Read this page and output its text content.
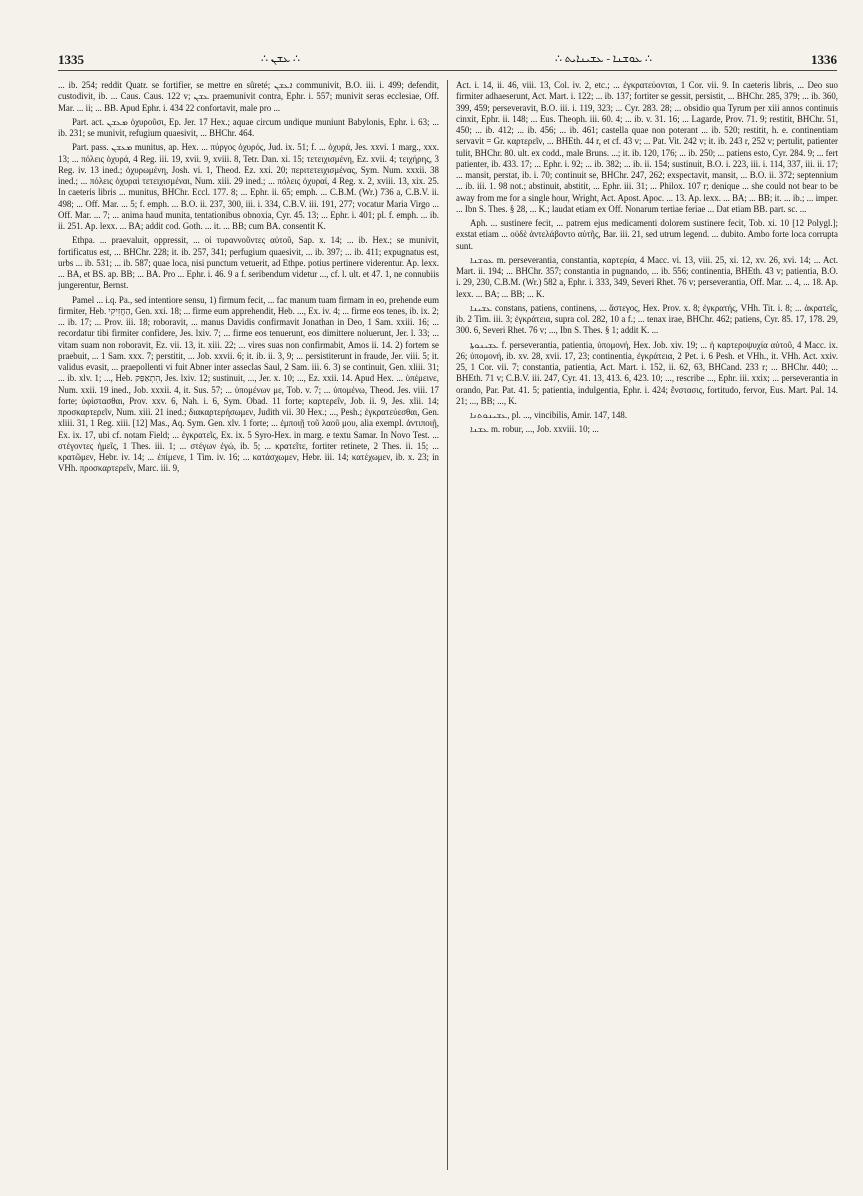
1335	∴ ܥܫܢ ∴	∴ ܥܘܫܢܐ - ܥܫܝܢܐܝܬ ∴	1336

... ib. 254; reddit Quatr. se fortifier, se mettre en sûreté; ܐܥܫܢ communivit, B.O. iii. i. 499; defendit, custodivit, ib. ... Caus. Caus. 122 v; ܥܫܢ praemunivit contra, Ephr. i. 557; munivit seras ecclesiae, Off. Mar. ... ii; ... BB. Apud Ephr. i. 434 22 confortavit, male pro ...

Part. act. ܡܥܫܢ ὀχυροῦσι, Ep. Jer. 17 Hex.; aquae circum undique muniunt Babylonis, Ephr. i. 63; ... ib. 231; se munivit, refugium quaesivit, ... BHChr. 464.

Part. pass. ܡܥܫܢ munitus, ap. Hex. ... πύργος ὀχυρός, Jud. ix. 51; f. ... ὀχυρά, Jes. xxvi. 1 marg., xxx. 13; ... πόλεις ὀχυρά, 4 Reg. iii. 19, xvii. 9, xviii. 8, Tetr. Dan. xi. 15; τετειχισμένη, Ez. xvii. 4; τειχήρης, 3 Reg. iv. 13 ined.; ὀχυρωμένη, Josh. vi. 1, Theod. Ez. xxi. 20; περιτετειχισμένας, Sym. Num. xxxii. 38 ined.; ... πόλεις ὀχυραὶ τετειχισμέναι, Num. xiii. 29 ined.; ... πόλεις ὀχυραί, 4 Reg. x. 2, xviii. 13, xix. 25. In caeteris libris ... munitus, BHChr. Eccl. 177. 8; ... Ephr. ii. 65; emph. ... C.B.M. (Wr.) 736 a, C.B.V. ii. 498; ... Off. Mar. ... 5; f. emph. ... B.O. ii. 237, 300, iii. i. 334, C.B.V. iii. 191, 277; vocatur Maria Virgo ... Off. Mar. ... 7; ... anima haud munita, tentationibus obnoxia, Cyr. 45. 13; ... Ephr. i. 401; pl. f. emph. ... ib. ii. 251. Ap. lexx. ... BA; addit cod. Goth. ... it. ... BB; cum BA. consentit K.

Ethpa. ... praevaluit, oppressit, ... οἱ τυραννοῦντες αὐτοῦ, Sap. x. 14; ... ib. Hex.; se munivit, fortificatus est, ... BHChr. 228; it. ib. 257, 341; perfugium quaesivit, ... ib. 397; ... ib. 411; expugnatus est, urbs ... ib. 531; ... ib. 587; quae loca, nisi punctum vetuerit, ad Ethpe. potius pertinere viderentur. Ap. lexx. ... BA, et BS. ap. BB; ... BA. Pro ... Ephr. i. 46. 9 a f. seribendum videtur ..., cf. l. ult. et 47. 1, ne connubiis jungerentur, Bernst.

Pamel ... i.q. Pa., sed intentiore sensu, 1) firmum fecit, ... fac manum tuam firmam in eo, prehende eum firmiter, Heb. הַחֲזִיקִי, Gen. xxi. 18; ... firme eum apprehendit, Heb. ..., Ex. iv. 4; ... firme eos tenes, ib. ix. 2; ... ib. 17; ... Prov. iii. 18; roboravit, ... manus Davidis confirmavit Jonathan in Deo, 1 Sam. xxiii. 16; ... recordatur tibi firmiter confidere, Jes. lxiv. 7; ... firme eos tenuerunt, eos dimittere noluerunt, Jer. l. 33; ... vitam suam non roboravit, Ez. vii. 13, it. xiii. 22; ... vires suas non confirmabit, Amos ii. 14. 2) fortem se praebuit, ... 1 Sam. xxx. 7; perstitit, ... Job. xxvii. 6; it. ib. ii. 3, 9; ... persistiterunt in fraude, Jer. viii. 5; it. validus evasit, ... praepollenti vi fuit Abner inter asseclas Saul, 2 Sam. iii. 6. 3) se continuit, Gen. xliii. 31; ... ib. xlv. 1; ..., Heb. הִתְאַפַּק, Jes. lxiv. 12; sustinuit, ..., Jer. x. 10; ..., Ez. xxii. 14. Apud Hex. ... ὑπέμεινε, Num. xxii. 19 ined., Job. xxxii. 4, it. Sus. 57; ... ὑπομένων με, Tob. v. 7; ... ὑπομένω, Theod. Jes. viii. 17 forte; ὑφίστασθαι, Prov. xxv. 6, Nah. i. 6, Sym. Obad. 11 forte; καρτερεῖν, Job. ii. 9, Jes. xlii. 14; προσκαρτερεῖν, Num. xiii. 21 ined.; διακαρτερήσωμεν, Judith vii. 30 Hex.; ..., Pesh.; ἐγκρατεύεσθαι, Gen. xliii. 31, 1 Reg. xiii. [12] Mas., Aq. Sym. Gen. xlv. 1 forte; ... ἐμποιῇ τοῦ λαοῦ μου, alia exempl. ἀντιποιῇ, Ex. ix. 17, ubi cf. notam Field; ... ἐγκρατεῖς, Ex. ix. 5 Syro-Hex. in marg. e textu Samar. In Novo Test. ... στέγοντες ἡμεῖς, 1 Thes. iii. 1; ... στέγων ἐγώ, ib. 5; ... κρατεῖτε, fortiter retinete, 2 Thes. ii. 15; ... κρατῶμεν, Hebr. iv. 14; ... ἐπίμενε, 1 Tim. iv. 16; ... κατάσχωμεν, Hebr. iii. 14; κατέχωμεν, ib. x. 23; in VHh. προσκαρτερεῖν, Marc. iii. 9,

Act. i. 14, ii. 46, viii. 13, Col. iv. 2, etc.; ... ἐγκρατεύονται, 1 Cor. vii. 9. In caeteris libris, ... Deo suo firmiter adhaeserunt, Act. Mart. i. 122; ... ib. 137; fortiter se gessit, persistit, ... BHChr. 285, 379; ... ib. 360, 399, 459; perseveravit, B.O. iii. i. 119, 323; ... Cyr. 283. 28; ... obsidio qua Tyrum per xiii annos continuis cinxit, Ephr. ii. 148; ... Eus. Theoph. iii. 60. 4; ... ib. v. 31. 16; ... Lagarde, Prov. 71. 9; restitit, BHChr. 51, 450; ... ib. 412; ... ib. 456; ... ib. 461; castella quae non poterant ... ib. 520; restitit, h. e. continentiam servavit = Gr. καρτερεῖν, ... BHEth. 44 r, et cf. 43 v; ... Pat. Vit. 242 v; it. ib. 243 r, 252 v; pertulit, patienter tulit, BHChr. 80. ult. ex codd., male Bruns. ...; it. ib. 120, 176; ... ib. 250; ... patiens esto, Cyr. 284. 9; ... fert patienter, ib. 433. 17; ... Ephr. i. 92; ... ib. 382; ... ib. ii. 154; sustinuit, B.O. i. 223, iii. i. 114, 337, iii. ii. 17; ... mansit, perstat, ib. i. 70; continuit se, BHChr. 247, 262; exspectavit, mansit, ... B.O. ii. 372; septennium ... ib. iii. 1. 98 not.; abstinuit, abstitit, ... Ephr. iii. 31; ... Philox. 107 r; denique ... she could not bear to be away from me for a single hour, Wright, Act. Apost. Apoc. ... 13. Ap. lexx. ... BA; ... BB; it. ... ib.; ... imper. ... Ibn S. Thes. § 28, ... K.; laudat etiam ex Off. Nonarum tertiae feriae ... Dat etiam BB. part. sc. ...

Aph. ... sustinere fecit, ... patrem ejus medicamenti dolorem sustinere fecit, Tob. xi. 10 [12 Polygl.]; exstat etiam ... οὐδὲ ἀντελάβοντο αὐτῆς, Bar. iii. 21, sed utrum legend. ... dubito. Ambo forte loca corrupta sunt.

ܥܘܫܢܐ m. perseverantia, constantia, καρτερία, 4 Macc. vi. 13, viii. 25, xi. 12, xv. 26, xvi. 14; ... Act. Mart. ii. 194; ... BHChr. 357; constantia in pugnando, ... ib. 556; continentia, BHEth. 43 v; patientia, B.O. i. 29, 230, C.B.M. (Wr.) 582 a, Ephr. i. 333, 349, Severi Rhet. 76 v; perseverantia, Off. Mar. ... 4, ... 18. Ap. lexx. ... BA; ... BB; ... K.

ܥܫܝܢܐ constans, patiens, continens, ... ἄστεγος, Hex. Prov. x. 8; ἐγκρατής, VHh. Tit. i. 8; ... ἀκρατεῖς, ib. 2 Tim. iii. 3; ἐγκράτεια, supra col. 282, 10 a f.; ... tenax irae, BHChr. 462; patiens, Cyr. 85. 17, 178. 29, 300. 6, Severi Rhet. 76 v; ..., Ibn S. Thes. § 1; addit K. ...

ܥܫܝܢܘܬܐ f. perseverantia, patientia, ὑπομονή, Hex. Job. xiv. 19; ... ἡ καρτεροψυχία αὐτοῦ, 4 Macc. ix. 26; ὑπομονή, ib. xv. 28, xvii. 17, 23; continentia, ἐγκράτεια, 2 Pet. i. 6 Pesh. et VHh., it. VHh. Act. xxiv. 25, 1 Cor. vii. 7; constantia, patientia, Act. Mart. i. 152, ii. 62, 63, BHCand. 233 r; ... BHChr. 440; ... BHEth. 71 v; C.B.V. iii. 247, Cyr. 41. 13, 413. 6, 423. 10; ..., rescribe ..., Ephr. iii. xxix; ... perseverantia in orando, Par. Pat. 41. 5; patientia, indulgentia, Ephr. i. 424; ἔνστασις, fortitudo, fervor, Eus. Mart. Pal. 14. 21; ..., BB; ..., K.

ܥܫܝܢܘܬܢܐ, pl. ..., vincibilis, Amir. 147, 148.

ܥܫܢܐ m. robur, ..., Job. xxviii. 10; ...
